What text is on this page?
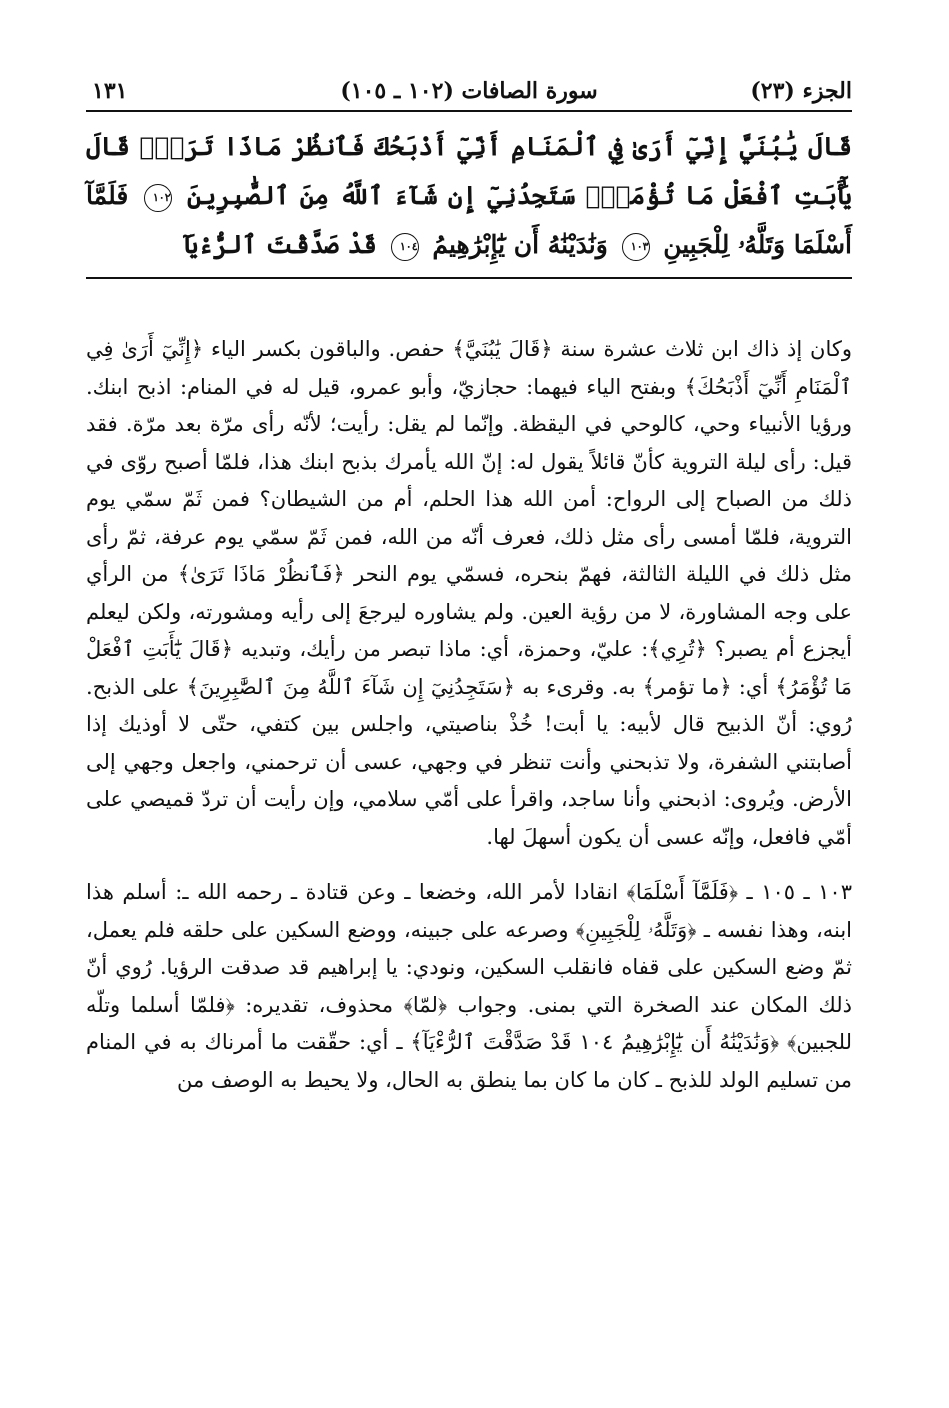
الجزء (٢٣)
سورة الصافات (١٠٢ ـ ١٠٥)
١٣١
قَالَ يَٰبُنَيَّ إِنِّيٓ أَرَىٰ فِي ٱلْمَنَامِ أَنِّيٓ أَذْبَحُكَ فَٱنظُرْ مَاذَا تَرَىٰۚ قَالَ يَٰٓأَبَتِ ٱفْعَلْ مَا تُؤْمَرُۖ سَتَجِدُنِيٓ إِن شَآءَ ٱللَّهُ مِنَ ٱلصَّٰبِرِينَ ١٠٢ فَلَمَّآ أَسْلَمَا وَتَلَّهُۥ لِلْجَبِينِ ١٠٣ وَنَٰدَيْنَٰهُ أَن يَٰٓإِبْرَٰهِيمُ ١٠٤ قَدْ صَدَّقْتَ ٱلرُّءْيَآ

وكان إذ ذاك ابن ثلاث عشرة سنة ﴿قَالَ يَٰبُنَيَّ﴾ حفص. والباقون بكسر الياء ﴿إِنِّيٓ أَرَىٰ فِي ٱلْمَنَامِ أَنِّيٓ أَذْبَحُكَ﴾ وبفتح الياء فيهما: حجازيّ، وأبو عمرو، قيل له في المنام: اذبح ابنك. ورؤيا الأنبياء وحي، كالوحي في اليقظة. وإنّما لم يقل: رأيت؛ لأنّه رأى مرّة بعد مرّة. فقد قيل: رأى ليلة التروية كأنّ قائلاً يقول له: إنّ الله يأمرك بذبح ابنك هذا، فلمّا أصبح روّى في ذلك من الصباح إلى الرواح: أمن الله هذا الحلم، أم من الشيطان؟ فمن ثَمّ سمّي يوم التروية، فلمّا أمسى رأى مثل ذلك، فعرف أنّه من الله، فمن ثَمّ سمّي يوم عرفة، ثمّ رأى مثل ذلك في الليلة الثالثة، فهمّ بنحره، فسمّي يوم النحر ﴿فَٱنظُرْ مَاذَا تَرَىٰ﴾ من الرأي على وجه المشاورة، لا من رؤية العين. ولم يشاوره ليرجعَ إلى رأيه ومشورته، ولكن ليعلم أيجزع أم يصبر؟ ﴿تُرِي﴾: عليّ، وحمزة، أي: ماذا تبصر من رأيك، وتبديه ﴿قَالَ يَٰٓأَبَتِ ٱفْعَلْ مَا تُؤْمَرُ﴾ أي: ﴿ما تؤمر﴾ به. وقرىء به ﴿سَتَجِدُنِيٓ إِن شَآءَ ٱللَّهُ مِنَ ٱلصَّٰبِرِينَ﴾ على الذبح. رُوي: أنّ الذبيح قال لأبيه: يا أبت! خُذْ بناصيتي، واجلس بين كتفي، حتّى لا أوذيك إذا أصابتني الشفرة، ولا تذبحني وأنت تنظر في وجهي، عسى أن ترحمني، واجعل وجهي إلى الأرض. ويُروى: اذبحني وأنا ساجد، واقرأ على أمّي سلامي، وإن رأيت أن تردّ قميصي على أمّي فافعل، وإنّه عسى أن يكون أسهلَ لها.

١٠٣ ـ ١٠٥ ـ ﴿فَلَمَّآ أَسْلَمَا﴾ انقادا لأمر الله، وخضعا ـ وعن قتادة ـ رحمه الله ـ: أسلم هذا ابنه، وهذا نفسه ـ ﴿وَتَلَّهُۥ لِلْجَبِينِ﴾ وصرعه على جبينه، ووضع السكين على حلقه فلم يعمل، ثمّ وضع السكين على قفاه فانقلب السكين، ونودي: يا إبراهيم قد صدقت الرؤيا. رُوي أنّ ذلك المكان عند الصخرة التي بمنى. وجواب ﴿لمّا﴾ محذوف، تقديره: ﴿فلمّا أسلما وتلّه للجبين﴾ ﴿وَنَٰدَيْنَٰهُ أَن يَٰٓإِبْرَٰهِيمُ ١٠٤ قَدْ صَدَّقْتَ ٱلرُّءْيَآ﴾ ـ أي: حقّقت ما أمرناك به في المنام من تسليم الولد للذبح ـ كان ما كان بما ينطق به الحال، ولا يحيط به الوصف من
